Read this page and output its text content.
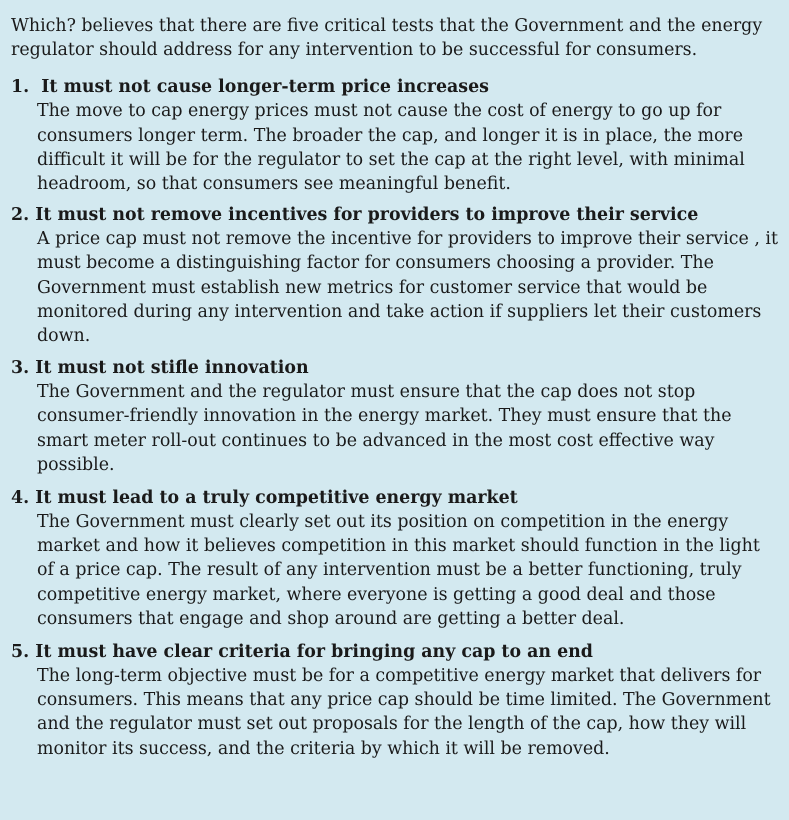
Which? believes that there are five critical tests that the Government and the energy regulator should address for any intervention to be successful for consumers.

1. It must not cause longer-term price increases

The move to cap energy prices must not cause the cost of energy to go up for consumers longer term. The broader the cap, and longer it is in place, the more difficult it will be for the regulator to set the cap at the right level, with minimal headroom, so that consumers see meaningful benefit.

2. It must not remove incentives for providers to improve their service

A price cap must not remove the incentive for providers to improve their service , it must become a distinguishing factor for consumers choosing a provider. The Government must establish new metrics for customer service that would be monitored during any intervention and take action if suppliers let their customers down.

3. It must not stifle innovation

The Government and the regulator must ensure that the cap does not stop consumer-friendly innovation in the energy market. They must ensure that the smart meter roll-out continues to be advanced in the most cost effective way possible.

4. It must lead to a truly competitive energy market

The Government must clearly set out its position on competition in the energy market and how it believes competition in this market should function in the light of a price cap. The result of any intervention must be a better functioning, truly competitive energy market, where everyone is getting a good deal and those consumers that engage and shop around are getting a better deal.

5. It must have clear criteria for bringing any cap to an end

The long-term objective must be for a competitive energy market that delivers for consumers. This means that any price cap should be time limited. The Government and the regulator must set out proposals for the length of the cap, how they will monitor its success, and the criteria by which it will be removed.
